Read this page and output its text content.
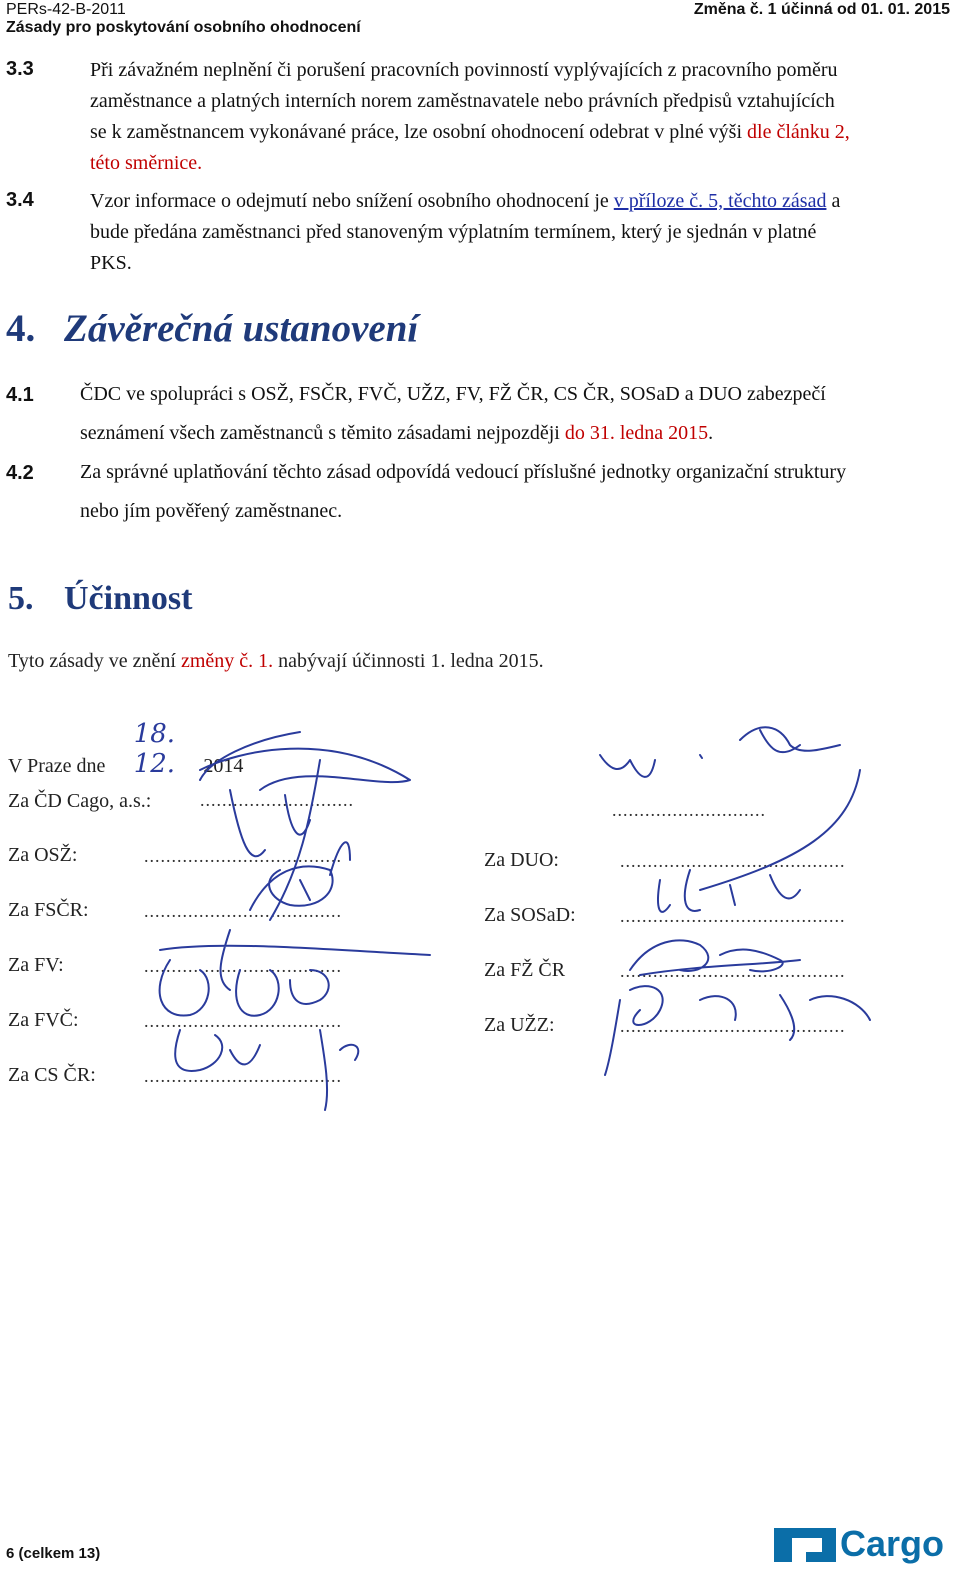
PERs-42-B-2011
Zásady pro poskytování osobního ohodnocení
Změna č. 1 účinná od 01. 01. 2015
3.3	Při závažném neplnění či porušení pracovních povinností vyplývajících z pracovního poměru
zaměstnance a platných interních norem zaměstnavatele nebo právních předpisů vztahujících
se k zaměstnancem vykonávané práce, lze osobní ohodnocení odebrat v plné výši dle článku 2,
této směrnice.
3.4	Vzor informace o odejmutí nebo snížení osobního ohodnocení je v příloze č. 5, těchto zásad a
bude předána zaměstnanci před stanoveným výplatním termínem, který je sjednán v platné
PKS.
4. Závěrečná ustanovení
4.1 ČDC ve spolupráci s OSŽ, FSČR, FVČ, UŽZ, FV, FŽ ČR, CS ČR, SOSaD a DUO zabezpečí
seznámení všech zaměstnanců s těmito zásadami nejpozději do 31. ledna 2015.
4.2 Za správné uplatňování těchto zásad odpovídá vedoucí příslušné jednotky organizační struktury
nebo jím pověřený zaměstnanec.
5. Účinnost
Tyto zásady ve znění změny č. 1. nabývají účinnosti 1. ledna 2015.
V Praze dne 18. 12. 2014
Za ČD Cago, a.s.:	............................
Za OSŽ:	....................................
Za FSČR:	....................................
Za FV:	....................................
Za FVČ:	....................................
Za CS ČR:	....................................
............................
Za DUO:	.........................................
Za SOSaD: .........................................
Za FŽ ČR	.........................................
Za UŽZ:	.........................................
6 (celkem 13)	Cargo
